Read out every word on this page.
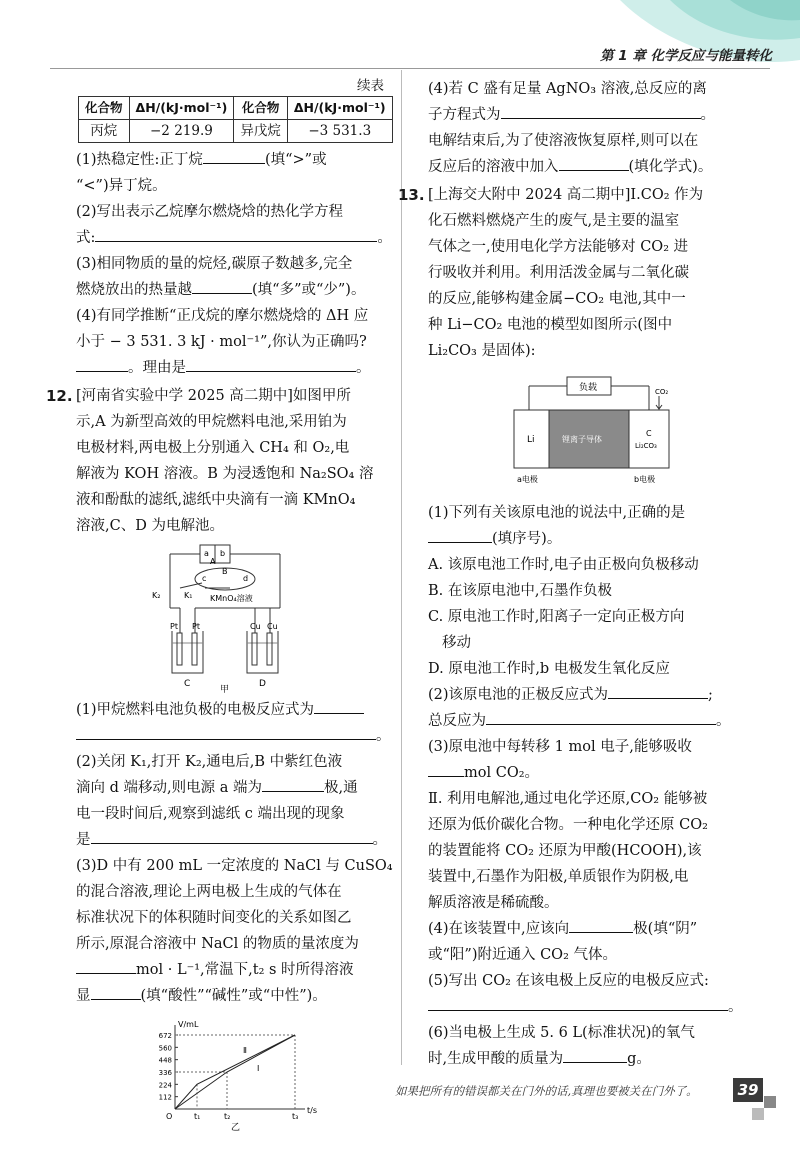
第 1 章 化学反应与能量转化
续表
化合物	ΔH/(kJ·mol⁻¹)	化合物	ΔH/(kJ·mol⁻¹)
丙烷	−2 219.9	异戊烷	−3 531.3

(1)热稳定性:正丁烷	(填“>”或

“<”)异丁烷。

(2)写出表示乙烷摩尔燃烧焓的热化学方程

式:	。

(3)相同物质的量的烷烃,碳原子数越多,完全

燃烧放出的热量越	(填“多”或“少”)。

(4)有同学推断“正戊烷的摩尔燃烧焓的 ΔH 应

小于 − 3 531. 3 kJ · mol⁻¹”,你认为正确吗?

。理由是	。

12. [河南省实验中学 2025 高二期中]如图甲所

示,A 为新型高效的甲烷燃料电池,采用铂为

电极材料,两电极上分别通入 CH₄ 和 O₂,电

解液为 KOH 溶液。B 为浸透饱和 Na₂SO₄ 溶

液和酚酞的滤纸,滤纸中央滴有一滴 KMnO₄

溶液,C、D 为电解池。

a b
A
c	d
B
K₂	K₁ KMnO₄溶液
Pt Pt	Cu Cu
C	D
甲

(1)甲烷燃料电池负极的电极反应式为

。

(2)关闭 K₁,打开 K₂,通电后,B 中紫红色液

滴向 d 端移动,则电源 a 端为	极,通

电一段时间后,观察到滤纸 c 端出现的现象

是	。

(3)D 中有 200 mL 一定浓度的 NaCl 与 CuSO₄

的混合溶液,理论上两电极上生成的气体在

标准状况下的体积随时间变化的关系如图乙

所示,原混合溶液中 NaCl 的物质的量浓度为

mol · L⁻¹,常温下,t₂ s 时所得溶液

显	(填“酸性”“碱性”或“中性”)。

V/mL
t/s
O
112
224
336
448
560
672
t₁	t₂	t₃
Ⅰ
Ⅱ
乙

(4)若 C 盛有足量 AgNO₃ 溶液,总反应的离

子方程式为	。

电解结束后,为了使溶液恢复原样,则可以在

反应后的溶液中加入	(填化学式)。

13. [上海交大附中 2024 高二期中]Ⅰ.CO₂ 作为

化石燃料燃烧产生的废气,是主要的温室

气体之一,使用电化学方法能够对 CO₂ 进

行吸收并利用。利用活泼金属与二氧化碳

的反应,能够构建金属−CO₂ 电池,其中一

种 Li−CO₂ 电池的模型如图所示(图中

Li₂CO₃ 是固体):

负载	CO₂
Li	锂离子导体
C
Li₂CO₃
a电极	b电极

(1)下列有关该原电池的说法中,正确的是

(填序号)。

A. 该原电池工作时,电子由正极向负极移动

B. 在该原电池中,石墨作负极

C. 原电池工作时,阳离子一定向正极方向

移动

D. 原电池工作时,b 电极发生氧化反应

(2)该原电池的正极反应式为	;

总反应为	。

(3)原电池中每转移 1 mol 电子,能够吸收

mol CO₂。

Ⅱ. 利用电解池,通过电化学还原,CO₂ 能够被

还原为低价碳化合物。一种电化学还原 CO₂

的装置能将 CO₂ 还原为甲酸(HCOOH),该

装置中,石墨作为阳极,单质银作为阴极,电

解质溶液是稀硫酸。

(4)在该装置中,应该向	极(填“阴”

或“阳”)附近通入 CO₂ 气体。

(5)写出 CO₂ 在该电极上反应的电极反应式:

。

(6)当电极上生成 5. 6 L(标准状况)的氧气

时,生成甲酸的质量为	g。

如果把所有的错误都关在门外的话,真理也要被关在门外了。	39
